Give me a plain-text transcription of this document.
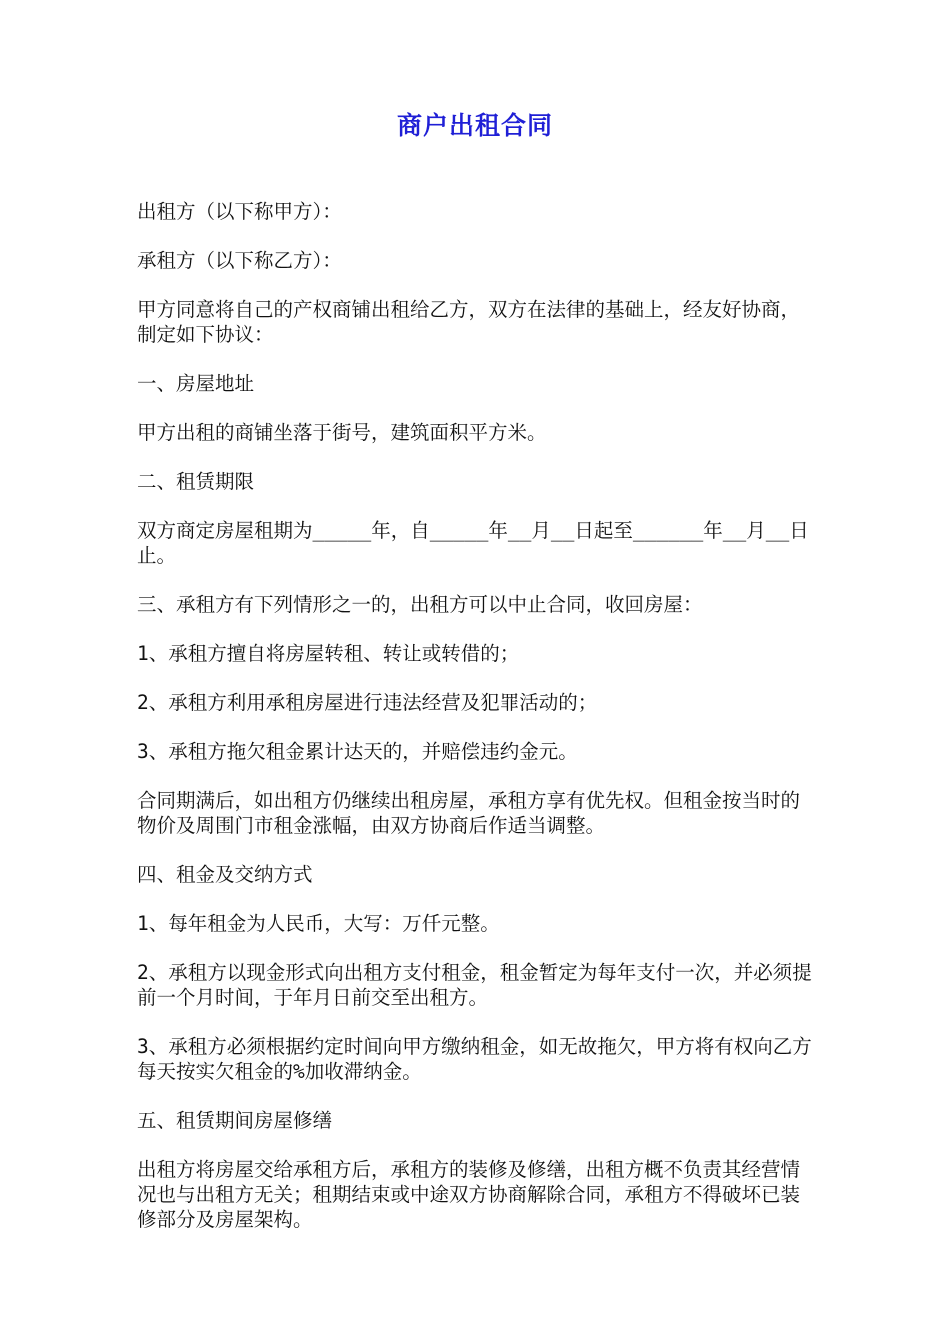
商户出租合同

出租方（以下称甲方）：

承租方（以下称乙方）：

甲方同意将自己的产权商铺出租给乙方，双方在法律的基础上，经友好协商，制定如下协议：

一、房屋地址

甲方出租的商铺坐落于街号，建筑面积平方米。

二、租赁期限

双方商定房屋租期为_____年，自_____年__月__日起至______年__月__日止。

三、承租方有下列情形之一的，出租方可以中止合同，收回房屋：

1、承租方擅自将房屋转租、转让或转借的；

2、承租方利用承租房屋进行违法经营及犯罪活动的；

3、承租方拖欠租金累计达天的，并赔偿违约金元。

合同期满后，如出租方仍继续出租房屋，承租方享有优先权。但租金按当时的物价及周围门市租金涨幅，由双方协商后作适当调整。

四、租金及交纳方式

1、每年租金为人民币，大写：万仟元整。

2、承租方以现金形式向出租方支付租金，租金暂定为每年支付一次，并必须提前一个月时间，于年月日前交至出租方。

3、承租方必须根据约定时间向甲方缴纳租金，如无故拖欠，甲方将有权向乙方每天按实欠租金的%加收滞纳金。

五、租赁期间房屋修缮

出租方将房屋交给承租方后，承租方的装修及修缮，出租方概不负责其经营情况也与出租方无关；租期结束或中途双方协商解除合同，承租方不得破坏已装修部分及房屋架构。
